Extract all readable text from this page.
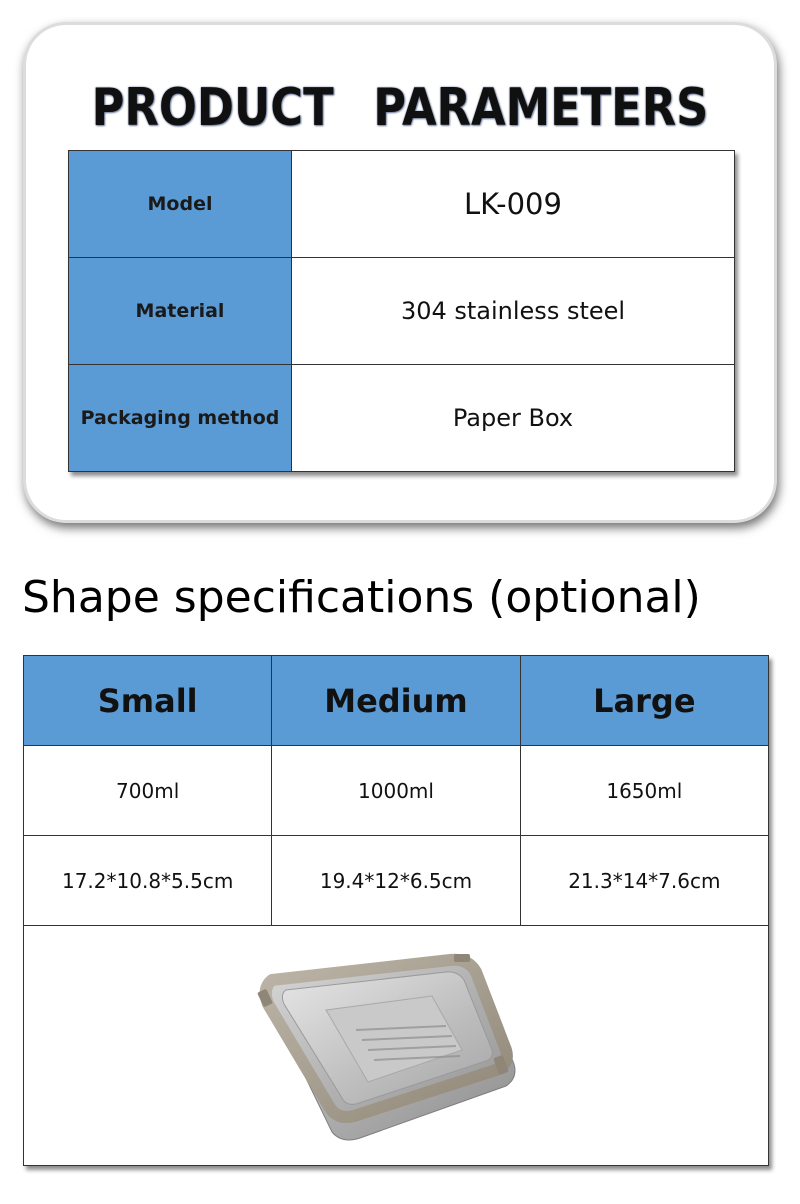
PRODUCT PARAMETERS
Model	LK-009
Material	304 stainless steel
Packaging method	Paper Box
Shape specifications (optional)
Small	Medium	Large
700ml	1000ml	1650ml
17.2*10.8*5.5cm	19.4*12*6.5cm	21.3*14*7.6cm
